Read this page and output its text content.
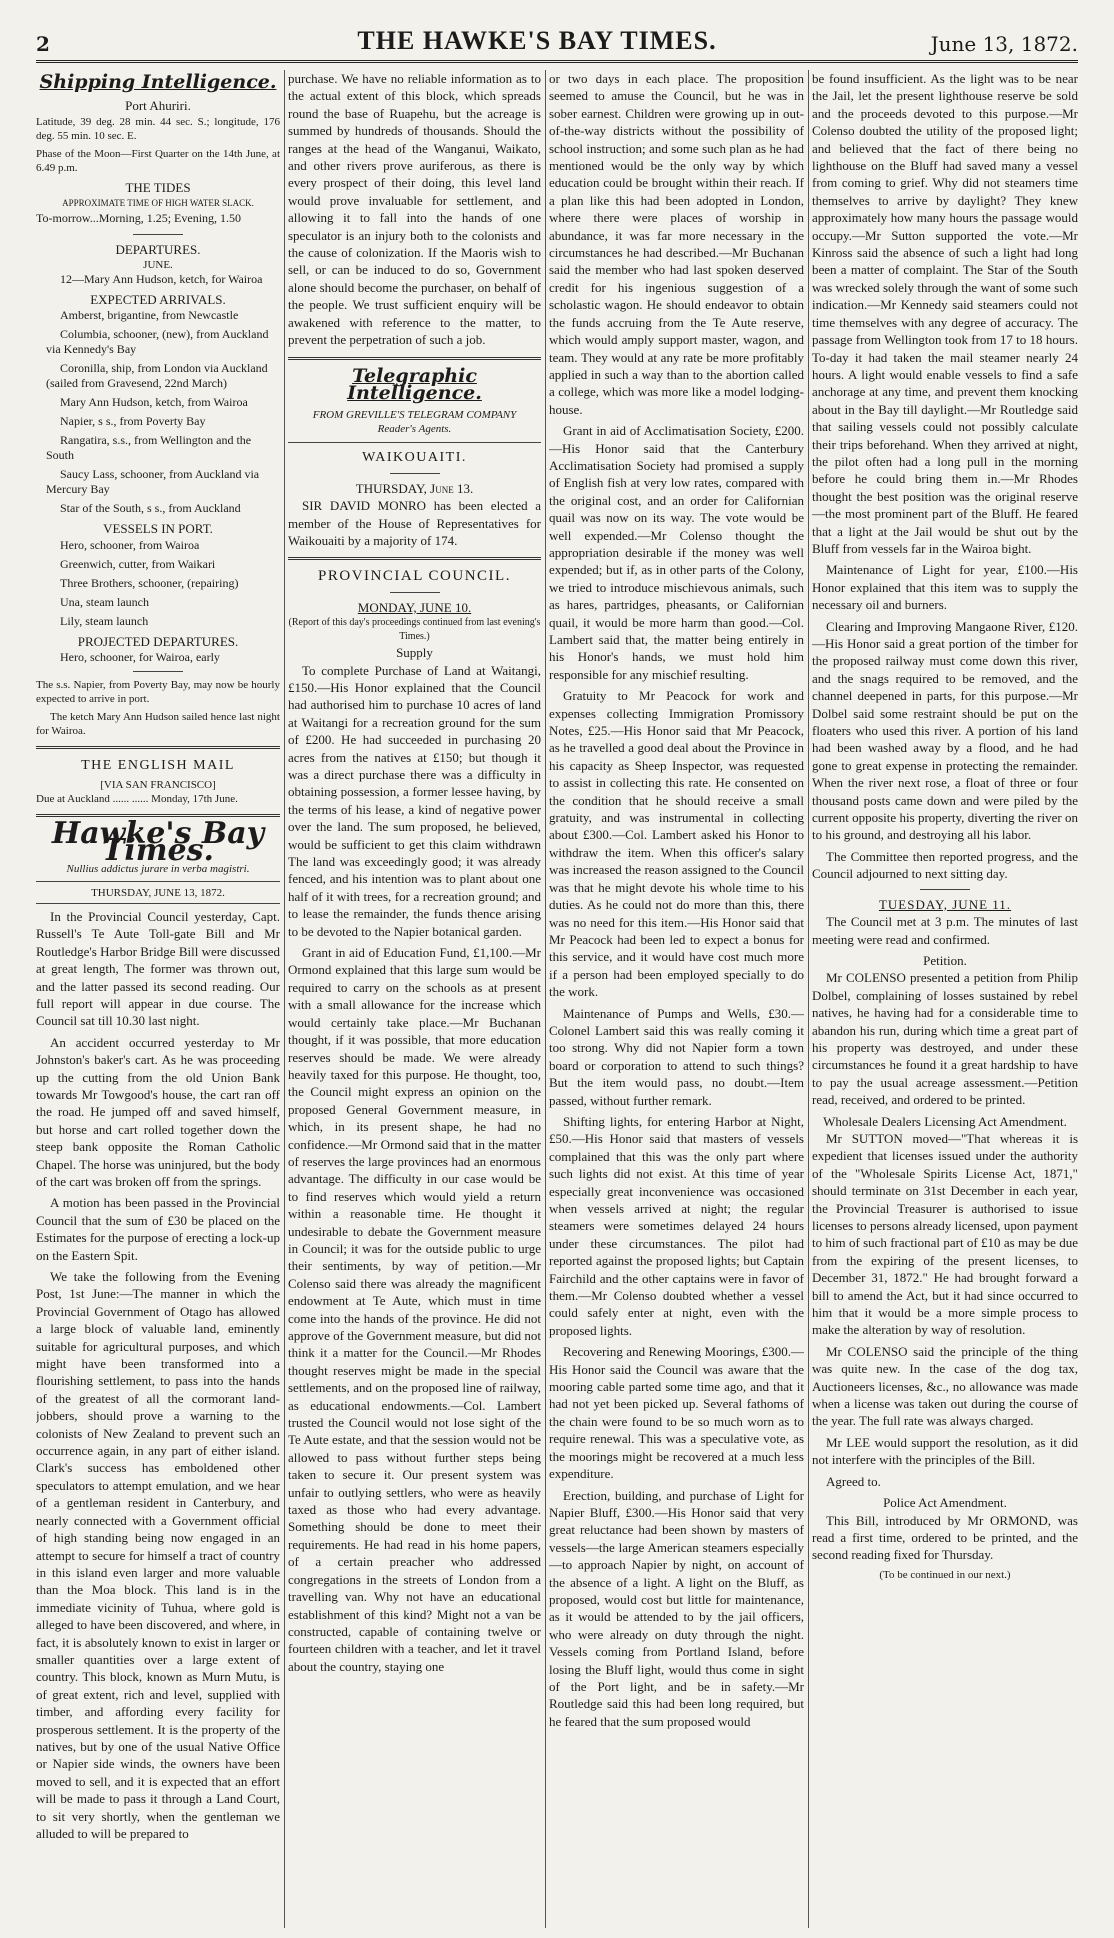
2	THE HAWKE'S BAY TIMES.	June 13, 1872.
Shipping Intelligence.
Port Ahuriri.

Latitude, 39 deg. 28 min. 44 sec. S.; longitude, 176 deg. 55 min. 10 sec. E.

Phase of the Moon—First Quarter on the 14th June, at 6.49 p.m.

THE TIDES
APPROXIMATE TIME OF HIGH WATER SLACK.
To-morrow...Morning, 1.25; Evening, 1.50
DEPARTURES.
JUNE.

12—Mary Ann Hudson, ketch, for Wairoa

EXPECTED ARRIVALS.

Amberst, brigantine, from Newcastle

Columbia, schooner, (new), from Auckland via Kennedy's Bay

Coronilla, ship, from London via Auckland (sailed from Gravesend, 22nd March)

Mary Ann Hudson, ketch, from Wairoa

Napier, s s., from Poverty Bay

Rangatira, s.s., from Wellington and the South

Saucy Lass, schooner, from Auckland via Mercury Bay

Star of the South, s s., from Auckland

VESSELS IN PORT.

Hero, schooner, from Wairoa

Greenwich, cutter, from Waikari

Three Brothers, schooner, (repairing)

Una, steam launch

Lily, steam launch

PROJECTED DEPARTURES.

Hero, schooner, for Wairoa, early

The s.s. Napier, from Poverty Bay, may now be hourly expected to arrive in port.

The ketch Mary Ann Hudson sailed hence last night for Wairoa.

THE ENGLISH MAIL
[VIA SAN FRANCISCO]
Due at Auckland ...... ...... Monday, 17th June.
Hawke's Bay Times.
Nullius addictus jurare in verba magistri.
THURSDAY, JUNE 13, 1872.

In the Provincial Council yesterday, Capt. Russell's Te Aute Toll-gate Bill and Mr Routledge's Harbor Bridge Bill were discussed at great length, The former was thrown out, and the latter passed its second reading. Our full report will appear in due course. The Council sat till 10.30 last night.

An accident occurred yesterday to Mr Johnston's baker's cart. As he was proceeding up the cutting from the old Union Bank towards Mr Towgood's house, the cart ran off the road. He jumped off and saved himself, but horse and cart rolled together down the steep bank opposite the Roman Catholic Chapel. The horse was uninjured, but the body of the cart was broken off from the springs.

A motion has been passed in the Provincial Council that the sum of £30 be placed on the Estimates for the purpose of erecting a lock-up on the Eastern Spit.

We take the following from the Evening Post, 1st June:—The manner in which the Provincial Government of Otago has allowed a large block of valuable land, eminently suitable for agricultural purposes, and which might have been transformed into a flourishing settlement, to pass into the hands of the greatest of all the cormorant land-jobbers, should prove a warning to the colonists of New Zealand to prevent such an occurrence again, in any part of either island. Clark's success has emboldened other speculators to attempt emulation, and we hear of a gentleman resident in Canterbury, and nearly connected with a Government official of high standing being now engaged in an attempt to secure for himself a tract of country in this island even larger and more valuable than the Moa block. This land is in the immediate vicinity of Tuhua, where gold is alleged to have been discovered, and where, in fact, it is absolutely known to exist in larger or smaller quantities over a large extent of country. This block, known as Murn Mutu, is of great extent, rich and level, supplied with timber, and affording every facility for prosperous settlement. It is the property of the natives, but by one of the usual Native Office or Napier side winds, the owners have been moved to sell, and it is expected that an effort will be made to pass it through a Land Court, to sit very shortly, when the gentleman we alluded to will be prepared to

purchase. We have no reliable information as to the actual extent of this block, which spreads round the base of Ruapehu, but the acreage is summed by hundreds of thousands. Should the ranges at the head of the Wanganui, Waikato, and other rivers prove auriferous, as there is every prospect of their doing, this level land would prove invaluable for settlement, and allowing it to fall into the hands of one speculator is an injury both to the colonists and the cause of colonization. If the Maoris wish to sell, or can be induced to do so, Government alone should become the purchaser, on behalf of the people. We trust sufficient enquiry will be awakened with reference to the matter, to prevent the perpetration of such a job.

Telegraphic Intelligence.
FROM GREVILLE'S TELEGRAM COMPANY
Reader's Agents.
WAIKOUAITI.
THURSDAY, June 13.

SIR DAVID MONRO has been elected a member of the House of Representatives for Waikouaiti by a majority of 174.

PROVINCIAL COUNCIL.
MONDAY, JUNE 10.
(Report of this day's proceedings continued from last evening's Times.)
Supply

To complete Purchase of Land at Waitangi, £150.—His Honor explained that the Council had authorised him to purchase 10 acres of land at Waitangi for a recreation ground for the sum of £200. He had succeeded in purchasing 20 acres from the natives at £150; but though it was a direct purchase there was a difficulty in obtaining possession, a former lessee having, by the terms of his lease, a kind of negative power over the land. The sum proposed, he believed, would be sufficient to get this claim withdrawn The land was exceedingly good; it was already fenced, and his intention was to plant about one half of it with trees, for a recreation ground; and to lease the remainder, the funds thence arising to be devoted to the Napier botanical garden.

Grant in aid of Education Fund, £1,100.—Mr Ormond explained that this large sum would be required to carry on the schools as at present with a small allowance for the increase which would certainly take place.—Mr Buchanan thought, if it was possible, that more education reserves should be made. We were already heavily taxed for this purpose. He thought, too, the Council might express an opinion on the proposed General Government measure, in which, in its present shape, he had no confidence.—Mr Ormond said that in the matter of reserves the large provinces had an enormous advantage. The difficulty in our case would be to find reserves which would yield a return within a reasonable time. He thought it undesirable to debate the Government measure in Council; it was for the outside public to urge their sentiments, by way of petition.—Mr Colenso said there was already the magnificent endowment at Te Aute, which must in time come into the hands of the province. He did not approve of the Government measure, but did not think it a matter for the Council.—Mr Rhodes thought reserves might be made in the special settlements, and on the proposed line of railway, as educational endowments.—Col. Lambert trusted the Council would not lose sight of the Te Aute estate, and that the session would not be allowed to pass without further steps being taken to secure it. Our present system was unfair to outlying settlers, who were as heavily taxed as those who had every advantage. Something should be done to meet their requirements. He had read in his home papers, of a certain preacher who addressed congregations in the streets of London from a travelling van. Why not have an educational establishment of this kind? Might not a van be constructed, capable of containing twelve or fourteen children with a teacher, and let it travel about the country, staying one

or two days in each place. The proposition seemed to amuse the Council, but he was in sober earnest. Children were growing up in out-of-the-way districts without the possibility of school instruction; and some such plan as he had mentioned would be the only way by which education could be brought within their reach. If a plan like this had been adopted in London, where there were places of worship in abundance, it was far more necessary in the circumstances he had described.—Mr Buchanan said the member who had last spoken deserved credit for his ingenious suggestion of a scholastic wagon. He should endeavor to obtain the funds accruing from the Te Aute reserve, which would amply support master, wagon, and team. They would at any rate be more profitably applied in such a way than to the abortion called a college, which was more like a model lodging-house.

Grant in aid of Acclimatisation Society, £200.—His Honor said that the Canterbury Acclimatisation Society had promised a supply of English fish at very low rates, compared with the original cost, and an order for Californian quail was now on its way. The vote would be well expended.—Mr Colenso thought the appropriation desirable if the money was well expended; but if, as in other parts of the Colony, we tried to introduce mischievous animals, such as hares, partridges, pheasants, or Californian quail, it would be more harm than good.—Col. Lambert said that, the matter being entirely in his Honor's hands, we must hold him responsible for any mischief resulting.

Gratuity to Mr Peacock for work and expenses collecting Immigration Promissory Notes, £25.—His Honor said that Mr Peacock, as he travelled a good deal about the Province in his capacity as Sheep Inspector, was requested to assist in collecting this rate. He consented on the condition that he should receive a small gratuity, and was instrumental in collecting about £300.—Col. Lambert asked his Honor to withdraw the item. When this officer's salary was increased the reason assigned to the Council was that he might devote his whole time to his duties. As he could not do more than this, there was no need for this item.—His Honor said that Mr Peacock had been led to expect a bonus for this service, and it would have cost much more if a person had been employed specially to do the work.

Maintenance of Pumps and Wells, £30.—Colonel Lambert said this was really coming it too strong. Why did not Napier form a town board or corporation to attend to such things? But the item would pass, no doubt.—Item passed, without further remark.

Shifting lights, for entering Harbor at Night, £50.—His Honor said that masters of vessels complained that this was the only part where such lights did not exist. At this time of year especially great inconvenience was occasioned when vessels arrived at night; the regular steamers were sometimes delayed 24 hours under these circumstances. The pilot had reported against the proposed lights; but Captain Fairchild and the other captains were in favor of them.—Mr Colenso doubted whether a vessel could safely enter at night, even with the proposed lights.

Recovering and Renewing Moorings, £300.—His Honor said the Council was aware that the mooring cable parted some time ago, and that it had not yet been picked up. Several fathoms of the chain were found to be so much worn as to require renewal. This was a speculative vote, as the moorings might be recovered at a much less expenditure.

Erection, building, and purchase of Light for Napier Bluff, £300.—His Honor said that very great reluctance had been shown by masters of vessels—the large American steamers especially—to approach Napier by night, on account of the absence of a light. A light on the Bluff, as proposed, would cost but little for maintenance, as it would be attended to by the jail officers, who were already on duty through the night. Vessels coming from Portland Island, before losing the Bluff light, would thus come in sight of the Port light, and be in safety.—Mr Routledge said this had been long required, but he feared that the sum proposed would

be found insufficient. As the light was to be near the Jail, let the present lighthouse reserve be sold and the proceeds devoted to this purpose.—Mr Colenso doubted the utility of the proposed light; and believed that the fact of there being no lighthouse on the Bluff had saved many a vessel from coming to grief. Why did not steamers time themselves to arrive by daylight? They knew approximately how many hours the passage would occupy.—Mr Sutton supported the vote.—Mr Kinross said the absence of such a light had long been a matter of complaint. The Star of the South was wrecked solely through the want of some such indication.—Mr Kennedy said steamers could not time themselves with any degree of accuracy. The passage from Wellington took from 17 to 18 hours. To-day it had taken the mail steamer nearly 24 hours. A light would enable vessels to find a safe anchorage at any time, and prevent them knocking about in the Bay till daylight.—Mr Routledge said that sailing vessels could not possibly calculate their trips beforehand. When they arrived at night, the pilot often had a long pull in the morning before he could bring them in.—Mr Rhodes thought the best position was the original reserve—the most prominent part of the Bluff. He feared that a light at the Jail would be shut out by the Bluff from vessels far in the Wairoa bight.

Maintenance of Light for year, £100.—His Honor explained that this item was to supply the necessary oil and burners.

Clearing and Improving Mangaone River, £120.—His Honor said a great portion of the timber for the proposed railway must come down this river, and the snags required to be removed, and the channel deepened in parts, for this purpose.—Mr Dolbel said some restraint should be put on the floaters who used this river. A portion of his land had been washed away by a flood, and he had gone to great expense in protecting the remainder. When the river next rose, a float of three or four thousand posts came down and were piled by the current opposite his property, diverting the river on to his ground, and destroying all his labor.

The Committee then reported progress, and the Council adjourned to next sitting day.

TUESDAY, JUNE 11.

The Council met at 3 p.m. The minutes of last meeting were read and confirmed.

Petition.

Mr COLENSO presented a petition from Philip Dolbel, complaining of losses sustained by rebel natives, he having had for a considerable time to abandon his run, during which time a great part of his property was destroyed, and under these circumstances he found it a great hardship to have to pay the usual acreage assessment.—Petition read, received, and ordered to be printed.

Wholesale Dealers Licensing Act Amendment.

Mr SUTTON moved—"That whereas it is expedient that licenses issued under the authority of the "Wholesale Spirits License Act, 1871," should terminate on 31st December in each year, the Provincial Treasurer is authorised to issue licenses to persons already licensed, upon payment to him of such fractional part of £10 as may be due from the expiring of the present licenses, to December 31, 1872." He had brought forward a bill to amend the Act, but it had since occurred to him that it would be a more simple process to make the alteration by way of resolution.

Mr COLENSO said the principle of the thing was quite new. In the case of the dog tax, Auctioneers licenses, &c., no allowance was made when a license was taken out during the course of the year. The full rate was always charged.

Mr LEE would support the resolution, as it did not interfere with the principles of the Bill.

Agreed to.

Police Act Amendment.

This Bill, introduced by Mr ORMOND, was read a first time, ordered to be printed, and the second reading fixed for Thursday.

(To be continued in our next.)
